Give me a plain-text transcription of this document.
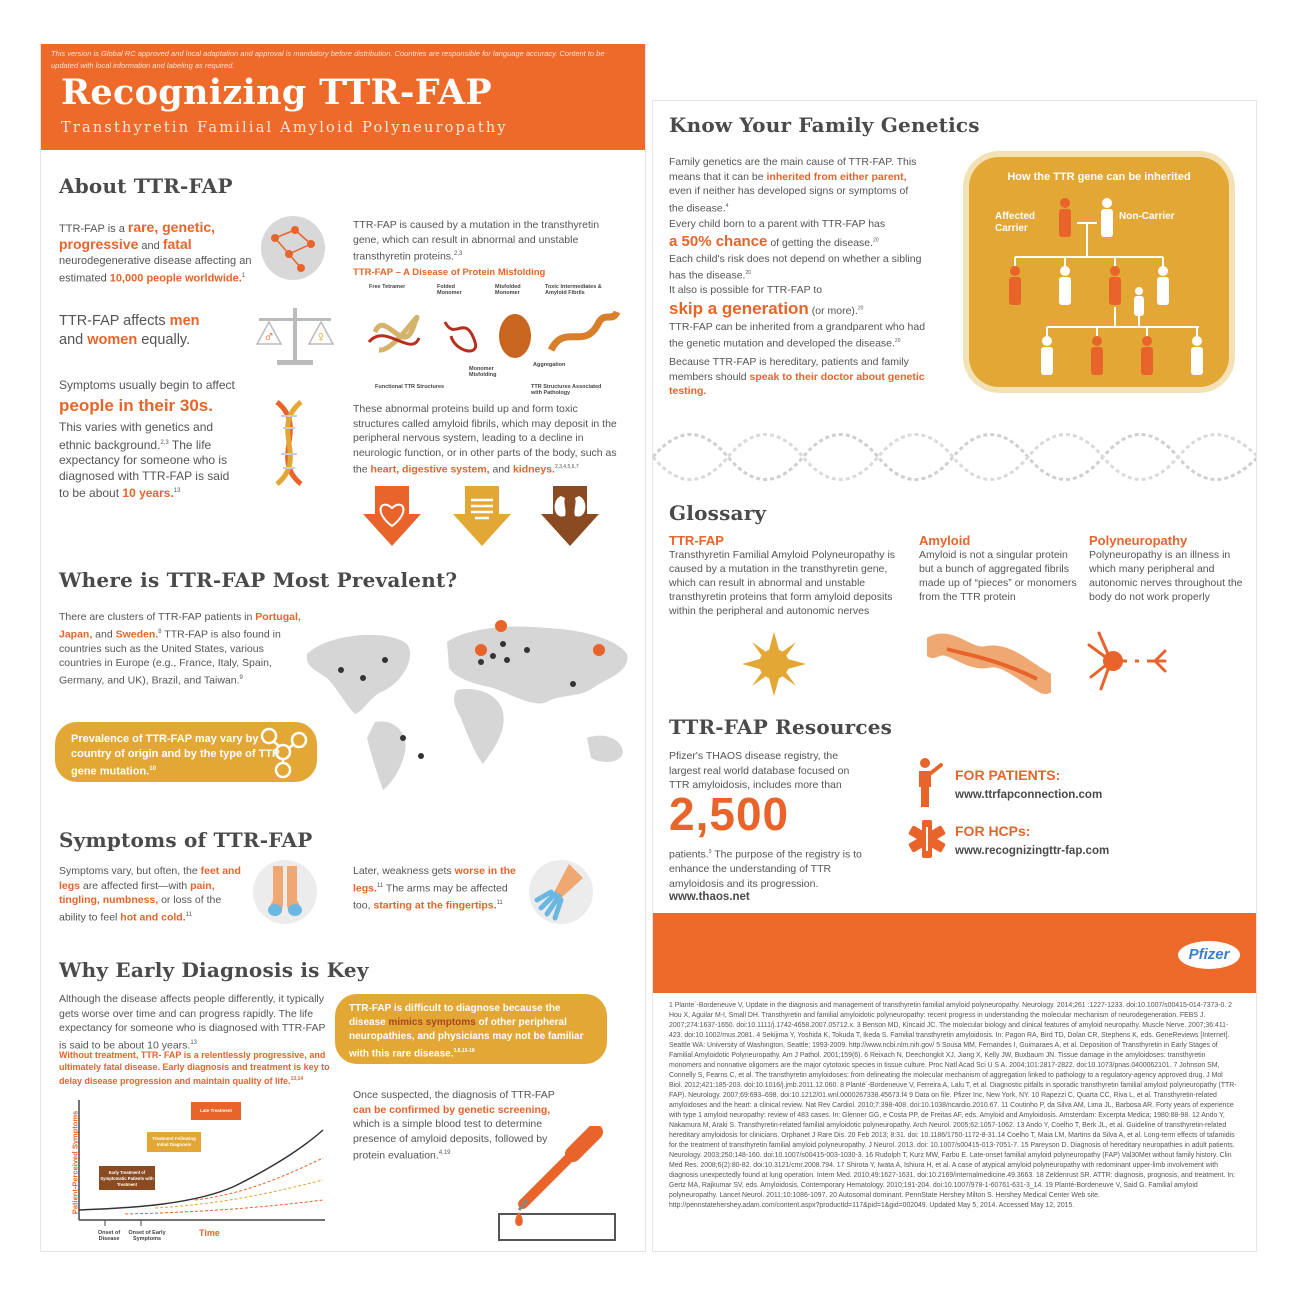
This version is Global RC approved and local adaptation and approval is mandatory before distribution. Countries are responsible for language accuracy. Content to be updated with local information and labeling as required.
Recognizing TTR-FAP
Transthyretin Familial Amyloid Polyneuropathy
About TTR-FAP
TTR-FAP is a rare, genetic,
progressive and fatal
neurodegenerative disease affecting an estimated 10,000 people worldwide.$^1$
TTR-FAP affects men
and women equally.	♂	♀
Symptoms usually begin to affect
people in their 30s.
This varies with genetics and ethnic background.$^{2,3}$ The life expectancy for someone who is diagnosed with TTR-FAP is said to be about 10 years.$^{13}$
TTR-FAP is caused by a mutation in the transthyretin gene, which can result in abnormal and unstable transthyretin proteins.$^{2,3}$
TTR-FAP – A Disease of Protein Misfolding
Free Tetramer	Folded Monomer
Misfolded Monomer
Toxic Intermediates & Amyloid Fibrils
Functional TTR Structures
Monomer Misfolding
Aggregation
TTR Structures Associated with Pathology
These abnormal proteins build up and form toxic structures called amyloid fibrils, which may deposit in the peripheral nervous system, leading to a decline in neurologic function, or in other parts of the body, such as the heart, digestive system, and kidneys.$^{2,3,4,5,6,7}$
Where is TTR-FAP Most Prevalent?
There are clusters of TTR-FAP patients in Portugal, Japan, and Sweden.$^8$ TTR-FAP is also found in countries such as the United States, various countries in Europe (e.g., France, Italy, Spain, Germany, and UK), Brazil, and Taiwan.$^9$
Prevalence of TTR-FAP may vary by country of origin and by the type of TTR gene mutation.$^{10}$
Symptoms of TTR-FAP
Symptoms vary, but often, the feet and legs are affected first—with pain, tingling, numbness, or loss of the ability to feel hot and cold.$^{11}$
Later, weakness gets worse in the legs.$^{11}$ The arms may be affected too, starting at the fingertips.$^{11}$
Why Early Diagnosis is Key
Although the disease affects people differently, it typically gets worse over time and can progress rapidly. The life expectancy for someone who is diagnosed with TTR-FAP is said to be about 10 years.$^{13}$
Without treatment, TTR- FAP is a relentlessly progressive, and ultimately fatal disease. Early diagnosis and treatment is key to delay disease progression and maintain quality of life.$^{13,14}$
Patient-Perceived Symptoms
Late Treatment
Treatment Following Initial Diagnosis
Early Treatment of Symptomatic Patients with Treatment
Onset of Disease
Onset of Early Symptoms
Time
TTR-FAP is difficult to diagnose because the disease mimics symptoms of other peripheral neuropathies, and physicians may not be familiar with this rare disease.$^{3,8,15-18}$
Once suspected, the diagnosis of TTR-FAP can be confirmed by genetic screening, which is a simple blood test to determine presence of amyloid deposits, followed by protein evaluation.$^{4,19}$
Know Your Family Genetics
Family genetics are the main cause of TTR-FAP. This means that it can be inherited from either parent, even if neither has developed signs or symptoms of the disease.$^4$
Every child born to a parent with TTR-FAP has
a 50% chance of getting the disease.$^{20}$
Each child's risk does not depend on whether a sibling has the disease.$^{20}$
It also is possible for TTR-FAP to
skip a generation (or more).$^{20}$
TTR-FAP can be inherited from a grandparent who had the genetic mutation and developed the disease.$^{20}$
Because TTR-FAP is hereditary, patients and family members should speak to their doctor about genetic testing.
How the TTR gene can be inherited
Affected Carrier
Non-Carrier
Glossary
TTR-FAP
Transthyretin Familial Amyloid Polyneuropathy is caused by a mutation in the transthyretin gene, which can result in abnormal and unstable transthyretin proteins that form amyloid deposits within the peripheral and autonomic nerves
Amyloid
Amyloid is not a singular protein but a bunch of aggregated fibrils made up of “pieces” or monomers from the TTR protein
Polyneuropathy
Polyneuropathy is an illness in which many peripheral and autonomic nerves throughout the body do not work properly
TTR-FAP Resources
Pfizer's THAOS disease registry, the largest real world database focused on TTR amyloidosis, includes more than
2,500
patients.$^9$ The purpose of the registry is to enhance the understanding of TTR amyloidosis and its progression.
www.thaos.net
FOR PATIENTS:
www.ttrfapconnection.com
FOR HCPs:
www.recognizingttr-fap.com
Pfizer
1 Plante´-Bordeneuve V, Update in the diagnosis and management of transthyretin familial amyloid polyneuropathy. Neurology. 2014;261 :1227-1233. doi:10.1007/s00415-014-7373-0. 2 Hou X, Aguilar M-I, Small DH. Transthyretin and familial amyloidotic polyneuropathy: recent progress in understanding the molecular mechanism of neurodegeneration. FEBS J. 2007;274:1637-1650. doi:10.1111/j.1742-4658.2007.05712.x. 3 Benson MD, Kincaid JC. The molecular biology and clinical features of amyloid neuropathy. Muscle Nerve. 2007;36:411-423. doi:10.1002/mus.2081. 4 Sekijima Y, Yoshida K, Tokuda T, Ikeda S. Familial transthyretin amyloidosis. In: Pagon RA, Bird TD, Dolan CR, Stephens K, eds. GeneReviews [Internet]. Seattle WA: University of Washington, Seattle; 1993-2009. http://www.ncbi.nlm.nih.gov/ 5 Sousa MM, Fernandes I, Guimaraes A, et al. Deposition of Transthyretin in Early Stages of Familial Amyloidotic Polyneuropathy. Am J Pathol. 2001;159(6). 6 Reixach N, Deechongkit XJ, Jiang X, Kelly JW, Buxbaum JN. Tissue damage in the amyloidoses: transthyretin monomers and nonnative oligomers are the major cytotoxic species in tissue culture. Proc Natl Acad Sci U S A. 2004;101:2817-2822. doi:10.1073/pnas.0400062101. 7 Johnson SM, Connelly S, Fearns C, et al. The transthyretin amyloidoses: from delineating the molecular mechanism of aggregation linked to pathology to a regulatory-agency approved drug. J Mol Biol. 2012;421:185-203. doi:10.1016/j.jmb.2011.12.060. 8 Planté´-Bordeneuve V, Ferreira A, Lalu T, et al. Diagnostic pitfalls in sporadic transthyretin familial amyloid polyneuropathy (TTR-FAP). Neurology. 2007;69:693–698. doi:10.1212/01.wnl.0000267338.45673.f4 9 Data on file. Pfizer Inc, New York, NY. 10 Rapezzi C, Quarta CC, Riva L, et al. Transthyretin-related amyloidoses and the heart: a clinical review. Nat Rev Cardiol. 2010;7:398-408. doi:10.1038/ncardio.2010.67. 11 Coutinho P, da Silva AM, Lima JL, Barbosa AR. Forty years of experience with type 1 amyloid neuropathy: review of 483 cases. In: Glenner GG, e Costa PP, de Freitas AF, eds. Amyloid and Amyloidosis. Amsterdam: Excerpta Medica; 1980:88-98. 12 Ando Y, Nakamura M, Araki S. Transthyretin-related familial amyloidotic polyneuropathy. Arch Neurol. 2005;62:1057-1062. 13 Ando Y, Coelho T, Berk JL, et al. Guideline of transthyretin-related hereditary amyloidosis for clinicians. Orphanet J Rare Dis. 20 Feb 2013; 8:31. doi: 10.1186/1750-1172-8-31.14 Coelho T, Maia LM, Martins da Silva A, et al. Long-term effects of tafamidis for the treatment of transthyretin familial amyloid polyneuropathy. J Neurol. 2013. doi: 10.1007/s00415-013-7051-7. 15 Pareyson D. Diagnosis of hereditary neuropathies in adult patients. Neurology. 2003;250:148-160. doi:10.1007/s00415-003-1030-3. 16 Rudolph T, Kurz MW, Farbu E. Late-onset familial amyloid polyneuropathy (FAP) Val30Met without family history. Clin Med Res. 2008;6(2):80-82. doi:10.3121/cmr.2008.794. 17 Shirota Y, Iwata A, Ishiura H, et al. A case of atypical amyloid polyneuropathy with redominant upper-limb involvement with diagnosis unexpectedly found at lung operation. Intern Med. 2010;49:1627-1631. doi:10.2169/internalmedicine.49.3663. 18 Zeldenrust SR. ATTR: diagnosis, prognosis, and treatment. In: Gertz MA, Rajkumar SV, eds. Amyloidosis, Contemporary Hematology. 2010;191-204. doi:10.1007/978-1-60761-631-3_14. 19 Planté-Bordeneuve V, Said G. Familial amyloid polyneuropathy. Lancet Neurol. 2011;10:1086-1097. 20 Autosomal dominant. PennState Hershey Milton S. Hershey Medical Center Web site. http://pennstatehershey.adam.com/content.aspx?productId=117&pid=1&gid=002049. Updated May 5, 2014. Accessed May 12, 2015.
